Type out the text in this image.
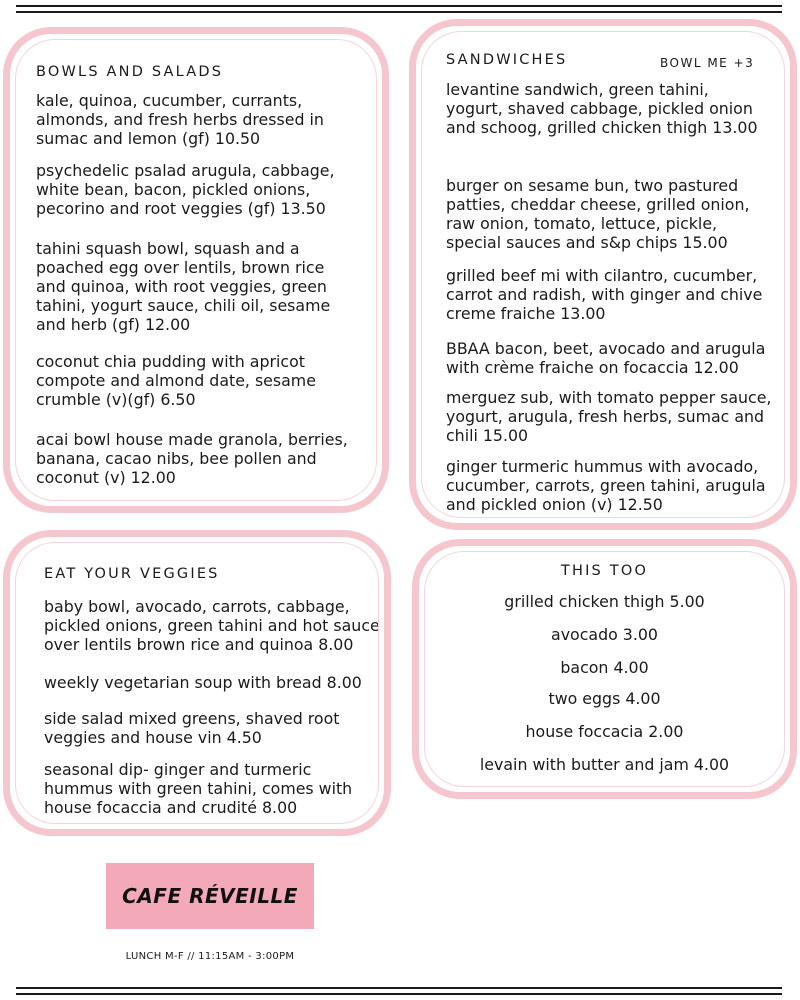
BOWLS AND SALADS

kale, quinoa, cucumber, currants, almonds, and fresh herbs dressed in sumac and lemon (gf) 10.50

psychedelic psalad arugula, cabbage, white bean, bacon, pickled onions, pecorino and root veggies (gf) 13.50

tahini squash bowl, squash and a poached egg over lentils, brown rice and quinoa, with root veggies, green tahini, yogurt sauce, chili oil, sesame and herb (gf) 12.00

coconut chia pudding with apricot compote and almond date, sesame crumble (v)(gf) 6.50

acai bowl house made granola, berries, banana, cacao nibs, bee pollen and coconut (v) 12.00

SANDWICHES	BOWL ME +3

levantine sandwich, green tahini, yogurt, shaved cabbage, pickled onion and schoog, grilled chicken thigh 13.00

burger on sesame bun, two pastured patties, cheddar cheese, grilled onion, raw onion, tomato, lettuce, pickle, special sauces and s&p chips 15.00

grilled beef mi with cilantro, cucumber, carrot and radish, with ginger and chive creme fraiche 13.00

BBAA bacon, beet, avocado and arugula with crème fraiche on focaccia 12.00

merguez sub, with tomato pepper sauce, yogurt, arugula, fresh herbs, sumac and chili 15.00

ginger turmeric hummus with avocado, cucumber, carrots, green tahini, arugula and pickled onion (v) 12.50

EAT YOUR VEGGIES

baby bowl, avocado, carrots, cabbage, pickled onions, green tahini and hot sauce over lentils brown rice and quinoa 8.00

weekly vegetarian soup with bread 8.00

side salad mixed greens, shaved root veggies and house vin 4.50

seasonal dip- ginger and turmeric hummus with green tahini, comes with house focaccia and crudité 8.00

THIS TOO
grilled chicken thigh 5.00
avocado 3.00
bacon 4.00
two eggs 4.00
house foccacia 2.00
levain with butter and jam 4.00
CAFE RÉVEILLE
LUNCH M-F // 11:15AM - 3:00PM
